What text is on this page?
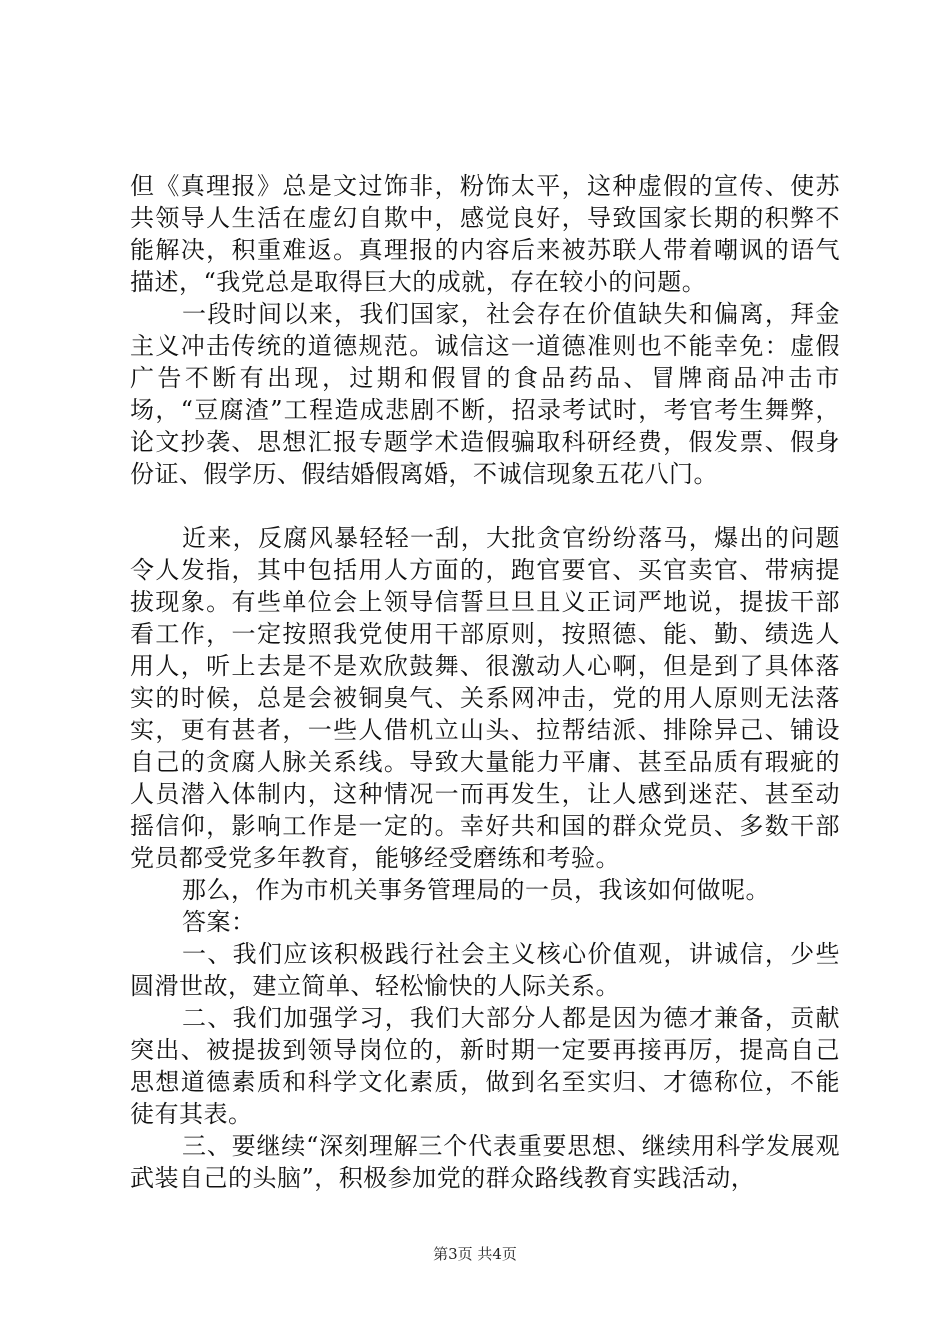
但《真理报》总是文过饰非，粉饰太平，这种虚假的宣传、使苏共领导人生活在虚幻自欺中，感觉良好，导致国家长期的积弊不能解决，积重难返。真理报的内容后来被苏联人带着嘲讽的语气描述，“我党总是取得巨大的成就，存在较小的问题。

一段时间以来，我们国家，社会存在价值缺失和偏离，拜金主义冲击传统的道德规范。诚信这一道德准则也不能幸免：虚假广告不断有出现，过期和假冒的食品药品、冒牌商品冲击市场，“豆腐渣”工程造成悲剧不断，招录考试时，考官考生舞弊，论文抄袭、思想汇报专题学术造假骗取科研经费，假发票、假身份证、假学历、假结婚假离婚，不诚信现象五花八门。

近来，反腐风暴轻轻一刮，大批贪官纷纷落马，爆出的问题令人发指，其中包括用人方面的，跑官要官、买官卖官、带病提拔现象。有些单位会上领导信誓旦旦且义正词严地说，提拔干部看工作，一定按照我党使用干部原则，按照德、能、勤、绩选人用人，听上去是不是欢欣鼓舞、很激动人心啊，但是到了具体落实的时候，总是会被铜臭气、关系网冲击，党的用人原则无法落实，更有甚者，一些人借机立山头、拉帮结派、排除异己、铺设自己的贪腐人脉关系线。导致大量能力平庸、甚至品质有瑕疵的人员潜入体制内，这种情况一而再发生，让人感到迷茫、甚至动摇信仰，影响工作是一定的。幸好共和国的群众党员、多数干部党员都受党多年教育，能够经受磨练和考验。

那么，作为市机关事务管理局的一员，我该如何做呢。

答案：

一、我们应该积极践行社会主义核心价值观，讲诚信，少些圆滑世故，建立简单、轻松愉快的人际关系。

二、我们加强学习，我们大部分人都是因为德才兼备，贡献突出、被提拔到领导岗位的，新时期一定要再接再厉，提高自己思想道德素质和科学文化素质，做到名至实归、才德称位，不能徒有其表。

三、要继续“深刻理解三个代表重要思想、继续用科学发展观武装自己的头脑”，积极参加党的群众路线教育实践活动，

第3页 共4页
